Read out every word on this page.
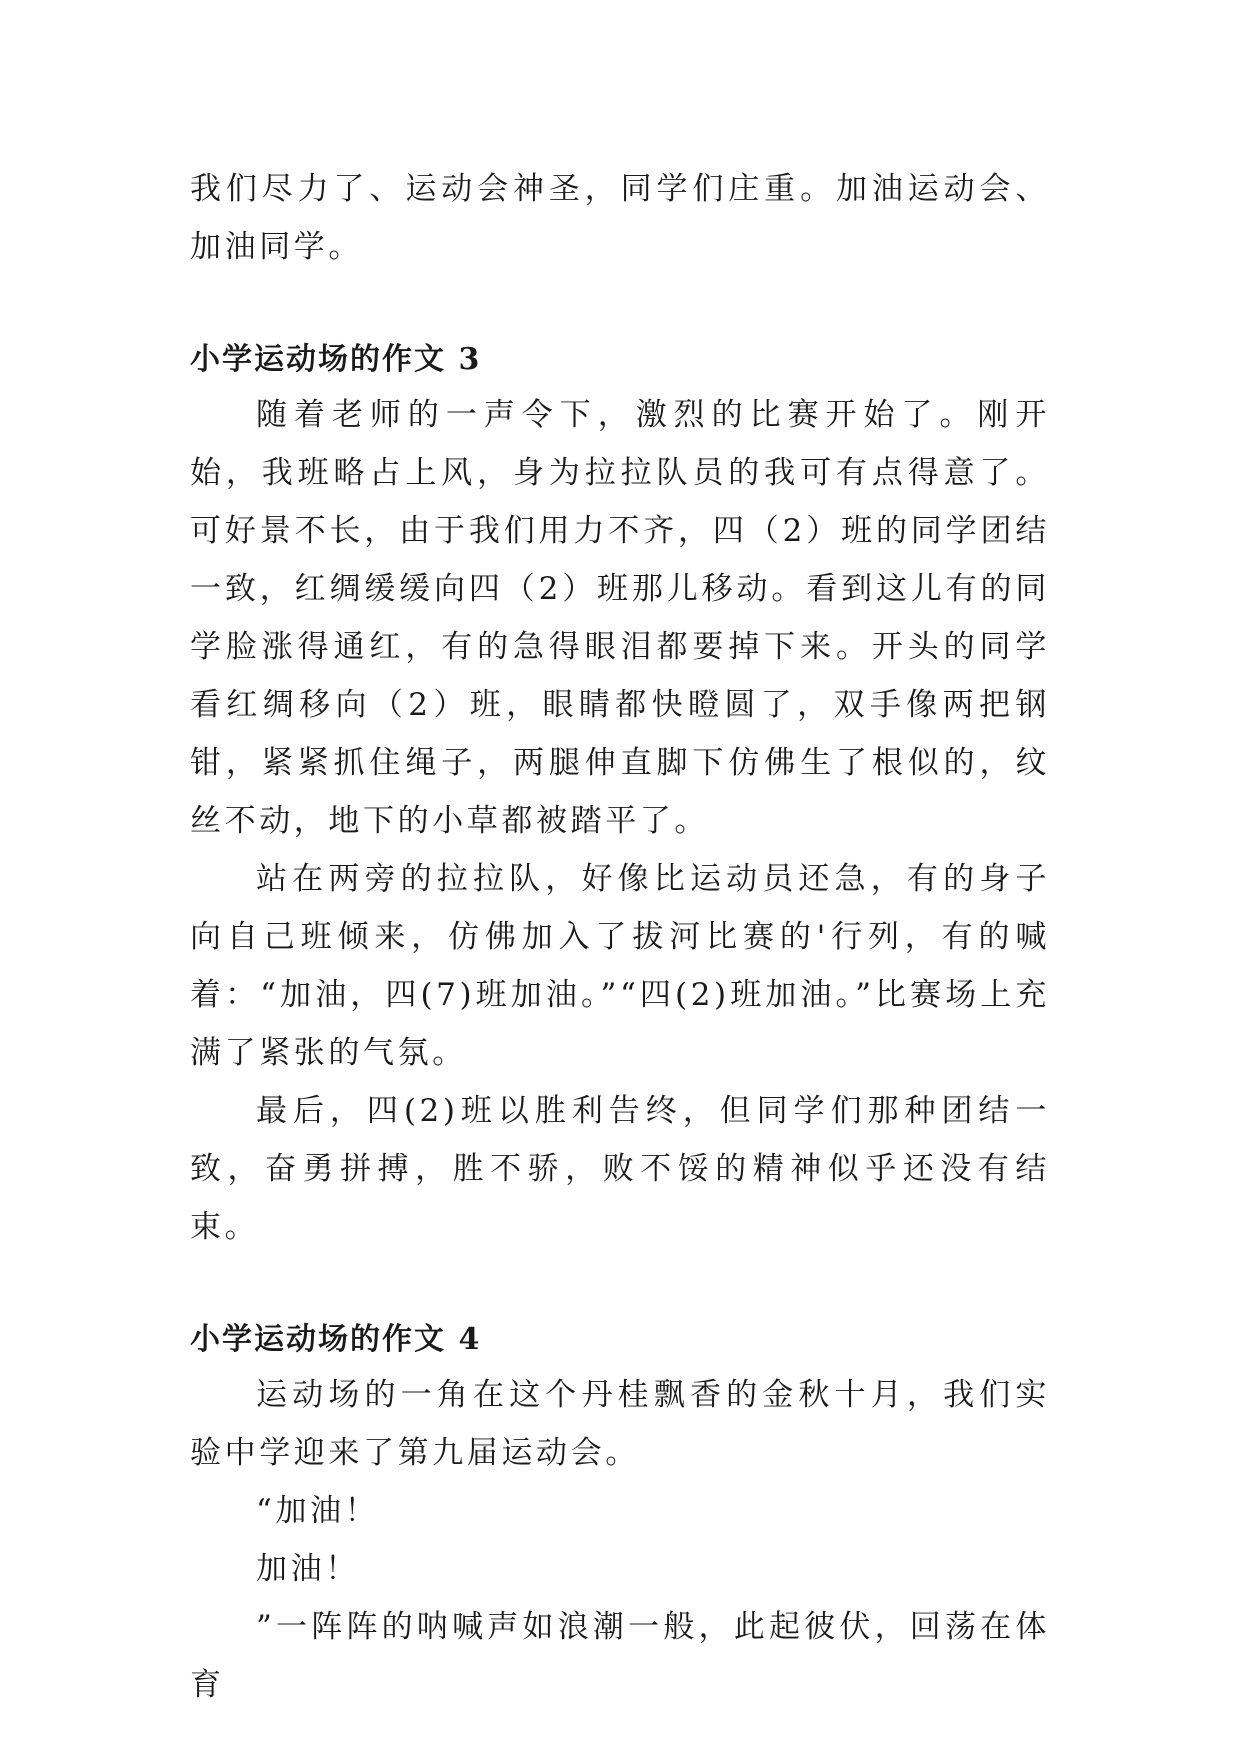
我们尽力了、运动会神圣，同学们庄重。加油运动会、加油同学。

小学运动场的作文 3

随着老师的一声令下，激烈的比赛开始了。刚开始，我班略占上风，身为拉拉队员的我可有点得意了。可好景不长，由于我们用力不齐，四（2）班的同学团结一致，红绸缓缓向四（2）班那儿移动。看到这儿有的同学脸涨得通红，有的急得眼泪都要掉下来。开头的同学看红绸移向（2）班，眼睛都快瞪圆了，双手像两把钢钳，紧紧抓住绳子，两腿伸直脚下仿佛生了根似的，纹丝不动，地下的小草都被踏平了。

站在两旁的拉拉队，好像比运动员还急，有的身子向自己班倾来，仿佛加入了拔河比赛的'行列，有的喊着：“加油，四(7)班加油。”“四(2)班加油。”比赛场上充满了紧张的气氛。

最后，四(2)班以胜利告终，但同学们那种团结一致，奋勇拼搏，胜不骄，败不馁的精神似乎还没有结束。

小学运动场的作文 4

运动场的一角在这个丹桂飘香的金秋十月，我们实验中学迎来了第九届运动会。

“加油！

加油！

”一阵阵的呐喊声如浪潮一般，此起彼伏，回荡在体育
